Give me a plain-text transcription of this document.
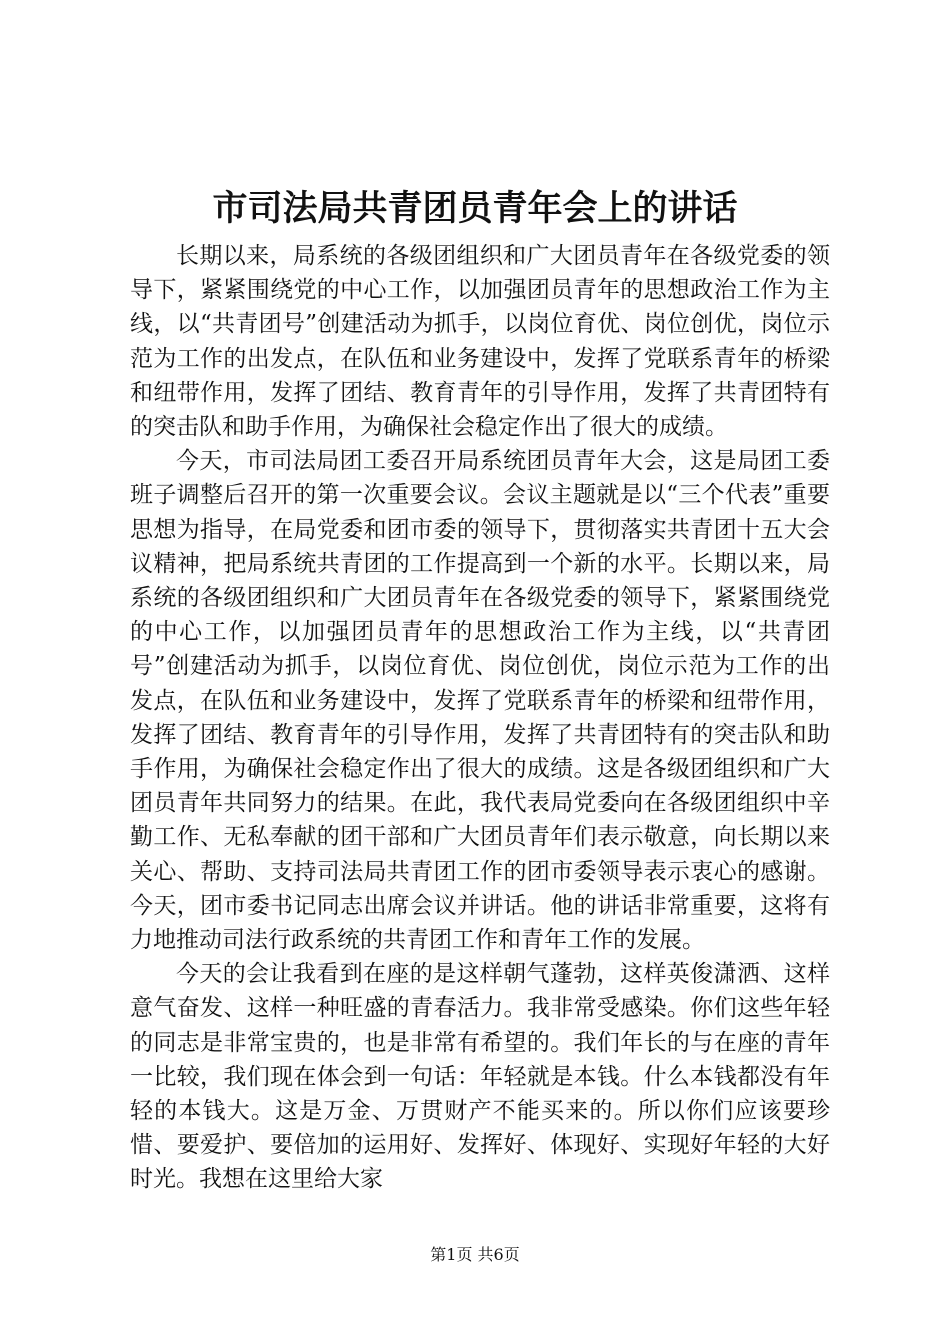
市司法局共青团员青年会上的讲话

长期以来，局系统的各级团组织和广大团员青年在各级党委的领导下，紧紧围绕党的中心工作，以加强团员青年的思想政治工作为主线，以“共青团号”创建活动为抓手，以岗位育优、岗位创优，岗位示范为工作的出发点，在队伍和业务建设中，发挥了党联系青年的桥梁和纽带作用，发挥了团结、教育青年的引导作用，发挥了共青团特有的突击队和助手作用，为确保社会稳定作出了很大的成绩。

今天，市司法局团工委召开局系统团员青年大会，这是局团工委班子调整后召开的第一次重要会议。会议主题就是以“三个代表”重要思想为指导，在局党委和团市委的领导下，贯彻落实共青团十五大会议精神，把局系统共青团的工作提高到一个新的水平。长期以来，局系统的各级团组织和广大团员青年在各级党委的领导下，紧紧围绕党的中心工作，以加强团员青年的思想政治工作为主线，以“共青团号”创建活动为抓手，以岗位育优、岗位创优，岗位示范为工作的出发点，在队伍和业务建设中，发挥了党联系青年的桥梁和纽带作用，发挥了团结、教育青年的引导作用，发挥了共青团特有的突击队和助手作用，为确保社会稳定作出了很大的成绩。这是各级团组织和广大团员青年共同努力的结果。在此，我代表局党委向在各级团组织中辛勤工作、无私奉献的团干部和广大团员青年们表示敬意，向长期以来关心、帮助、支持司法局共青团工作的团市委领导表示衷心的感谢。今天，团市委书记同志出席会议并讲话。他的讲话非常重要，这将有力地推动司法行政系统的共青团工作和青年工作的发展。

今天的会让我看到在座的是这样朝气蓬勃，这样英俊潇洒、这样意气奋发、这样一种旺盛的青春活力。我非常受感染。你们这些年轻的同志是非常宝贵的，也是非常有希望的。我们年长的与在座的青年一比较，我们现在体会到一句话：年轻就是本钱。什么本钱都没有年轻的本钱大。这是万金、万贯财产不能买来的。所以你们应该要珍惜、要爱护、要倍加的运用好、发挥好、体现好、实现好年轻的大好时光。我想在这里给大家

第1页 共6页
